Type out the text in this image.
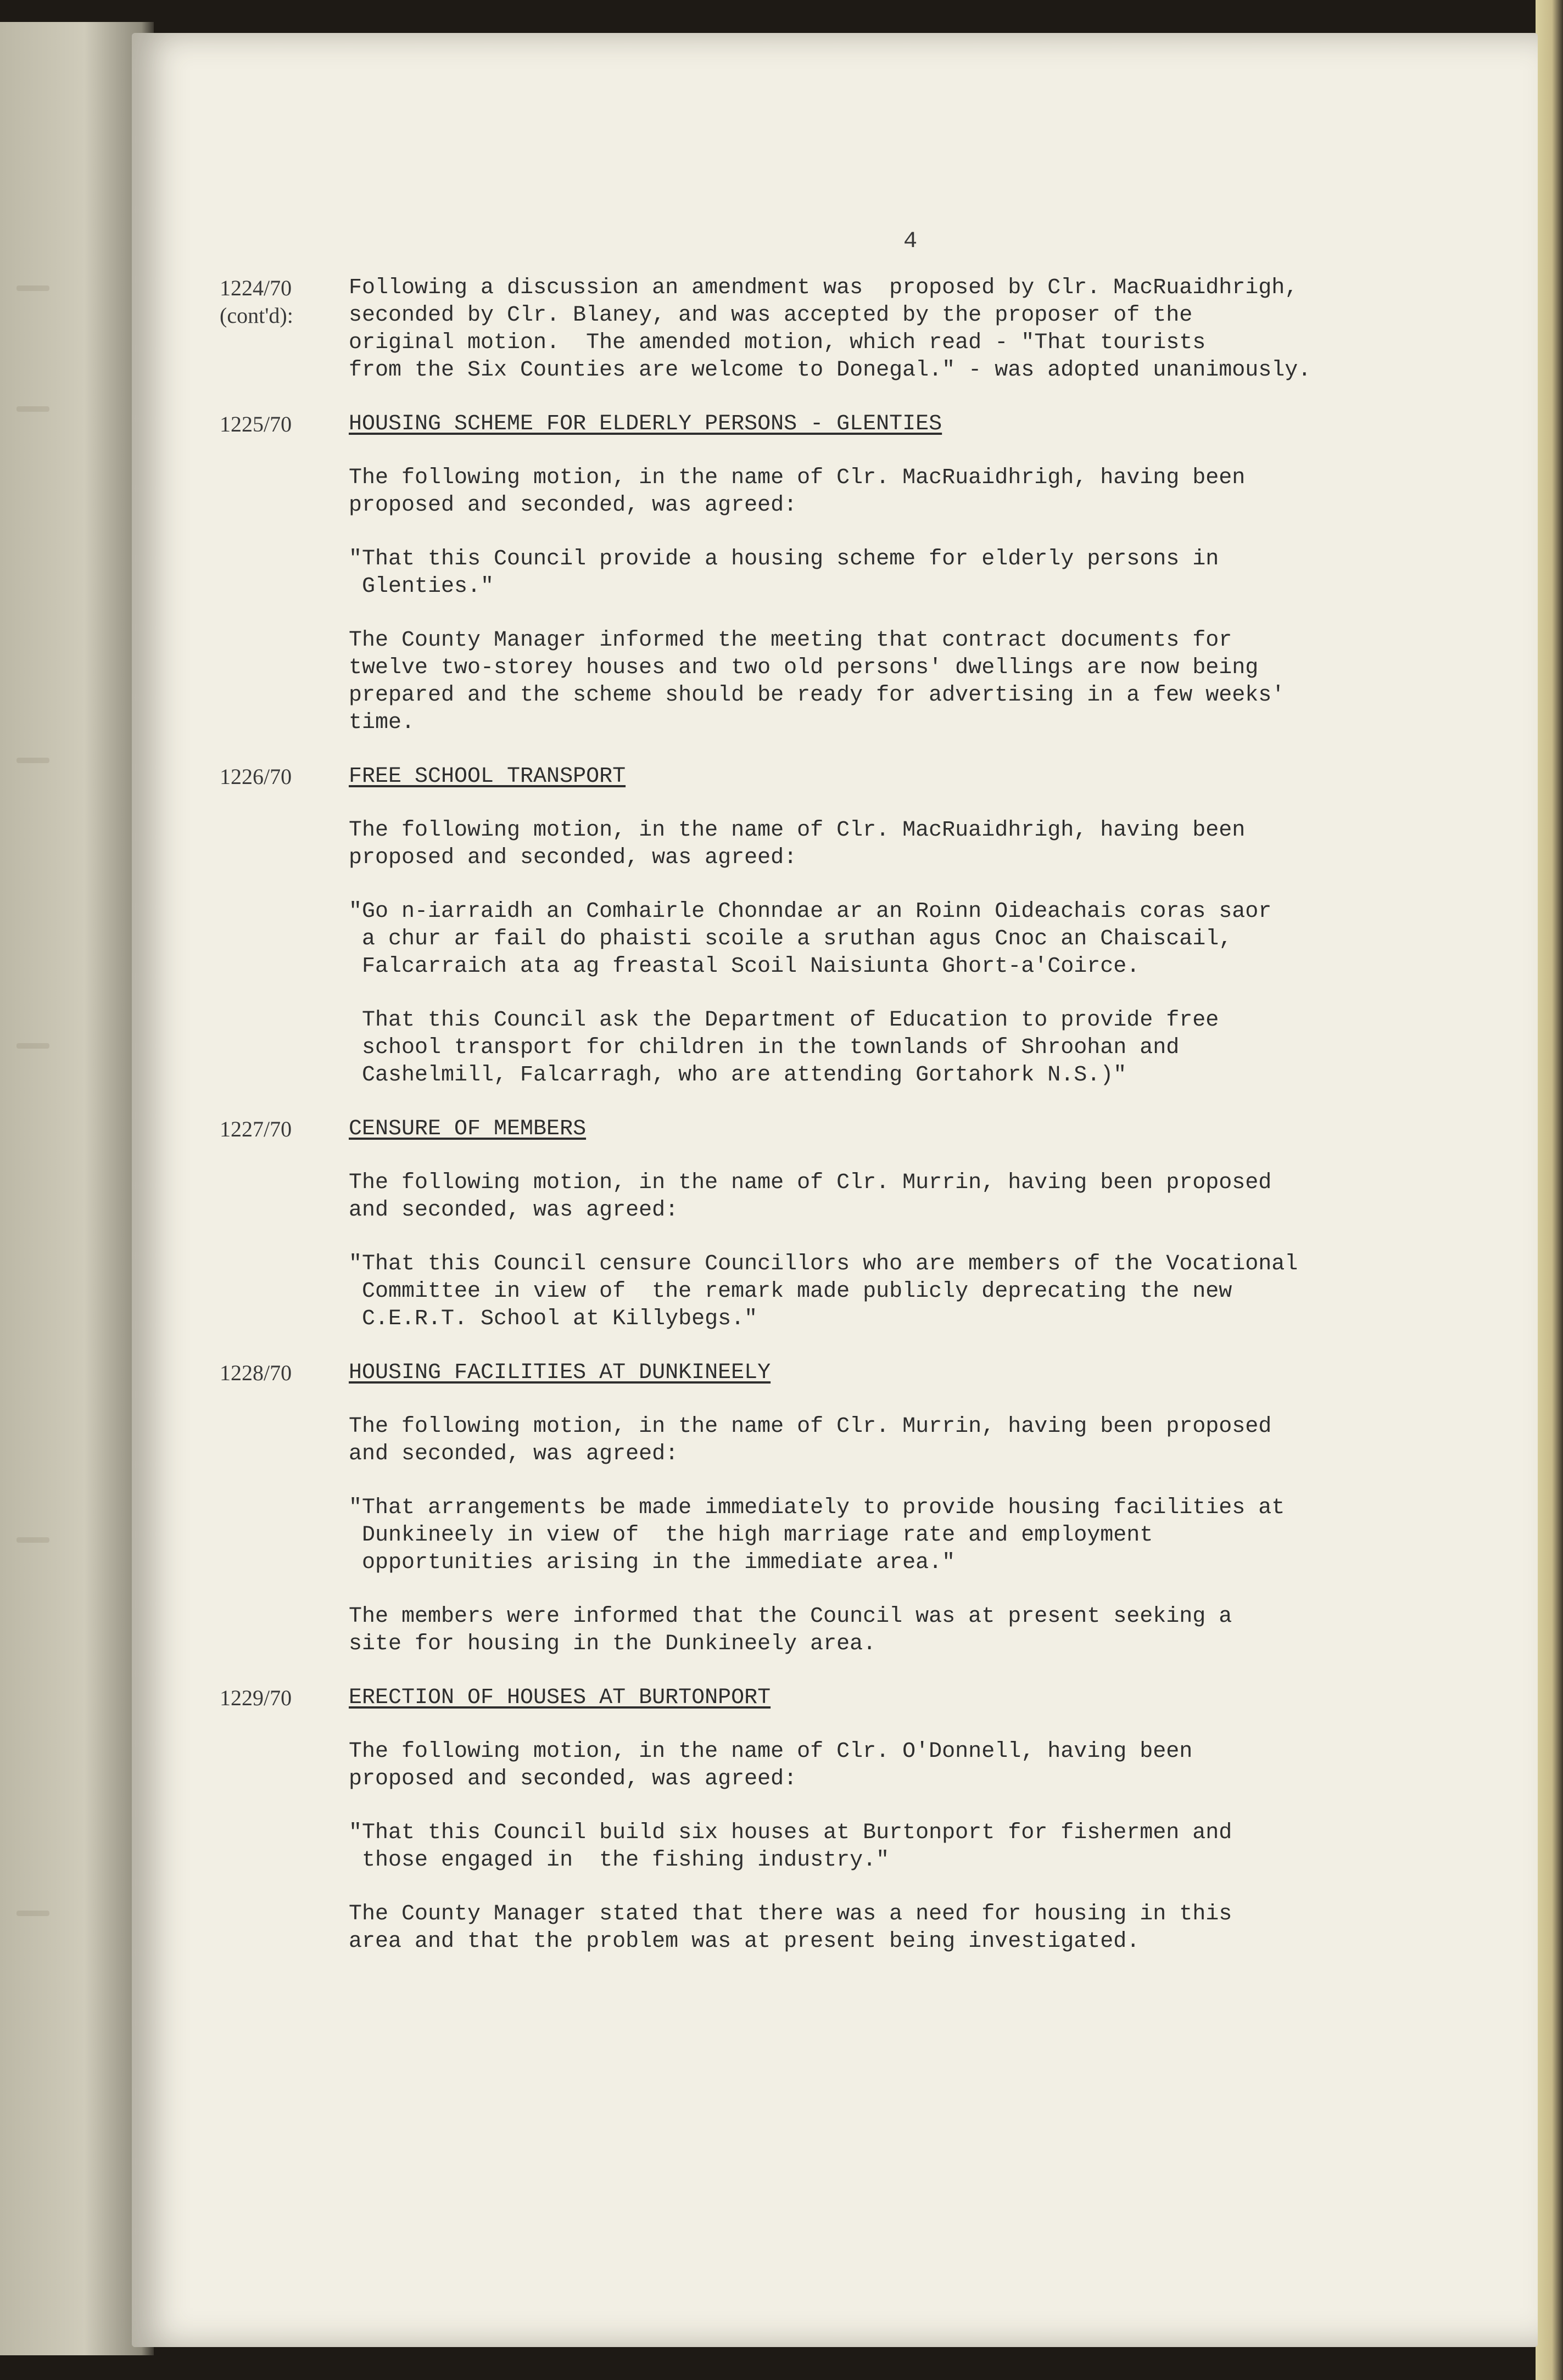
4
1224/70
(cont'd):
Following a discussion an amendment was  proposed by Clr. MacRuaidhrigh,
seconded by Clr. Blaney, and was accepted by the proposer of the
original motion.  The amended motion, which read - "That tourists
from the Six Counties are welcome to Donegal." - was adopted unanimously.
1225/70	HOUSING SCHEME FOR ELDERLY PERSONS - GLENTIES
The following motion, in the name of Clr. MacRuaidhrigh, having been
proposed and seconded, was agreed:
"That this Council provide a housing scheme for elderly persons in
Glenties."
The County Manager informed the meeting that contract documents for
twelve two-storey houses and two old persons' dwellings are now being
prepared and the scheme should be ready for advertising in a few weeks'
time.
1226/70	FREE SCHOOL TRANSPORT
The following motion, in the name of Clr. MacRuaidhrigh, having been
proposed and seconded, was agreed:
"Go n-iarraidh an Comhairle Chonndae ar an Roinn Oideachais coras saor
a chur ar fail do phaisti scoile a sruthan agus Cnoc an Chaiscail,
Falcarraich ata ag freastal Scoil Naisiunta Ghort-a'Coirce.
That this Council ask the Department of Education to provide free
school transport for children in the townlands of Shroohan and
Cashelmill, Falcarragh, who are attending Gortahork N.S.)"
1227/70	CENSURE OF MEMBERS
The following motion, in the name of Clr. Murrin, having been proposed
and seconded, was agreed:
"That this Council censure Councillors who are members of the Vocational
Committee in view of  the remark made publicly deprecating the new
C.E.R.T. School at Killybegs."
1228/70	HOUSING FACILITIES AT DUNKINEELY
The following motion, in the name of Clr. Murrin, having been proposed
and seconded, was agreed:
"That arrangements be made immediately to provide housing facilities at
Dunkineely in view of  the high marriage rate and employment
opportunities arising in the immediate area."
The members were informed that the Council was at present seeking a
site for housing in the Dunkineely area.
1229/70	ERECTION OF HOUSES AT BURTONPORT
The following motion, in the name of Clr. O'Donnell, having been
proposed and seconded, was agreed:
"That this Council build six houses at Burtonport for fishermen and
those engaged in  the fishing industry."
The County Manager stated that there was a need for housing in this
area and that the problem was at present being investigated.
